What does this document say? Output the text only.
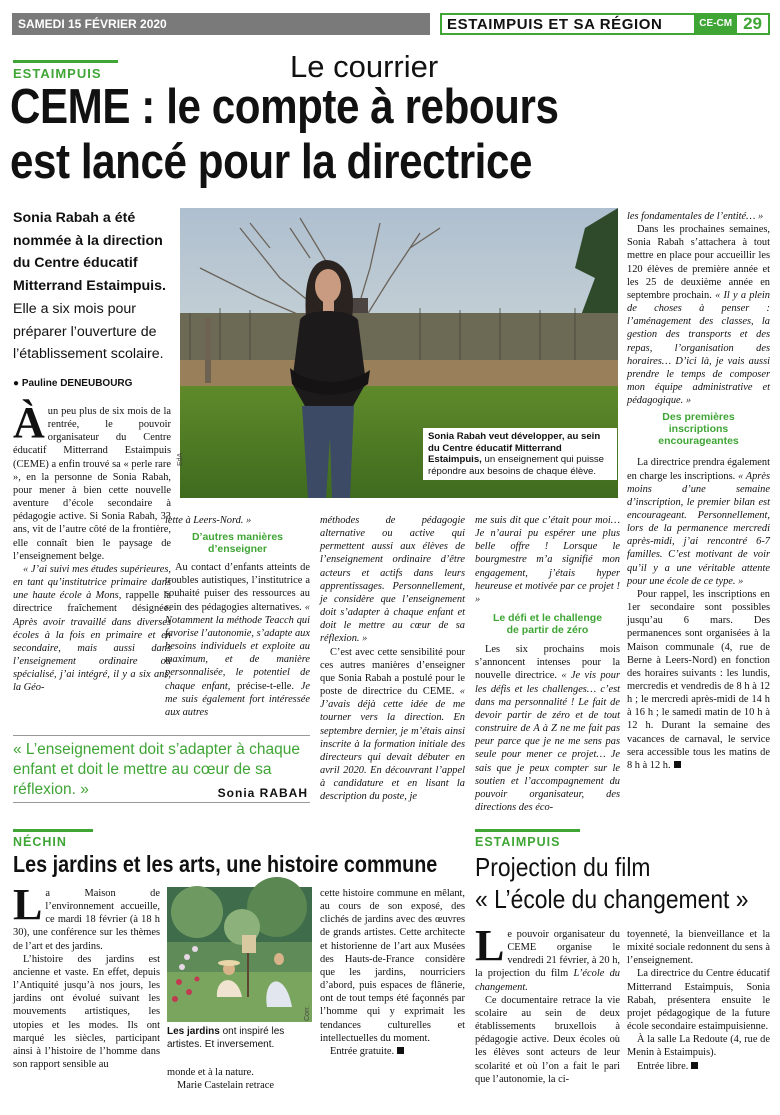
SAMEDI 15 FÉVRIER 2020	ESTAIMPUIS ET SA RÉGION	CE-CM 29
Le courrier
ESTAIMPUIS
CEME : le compte à rebours
est lancé pour la directrice
Sonia Rabah a été nommée à la direction du Centre éducatif Mitterrand Estaimpuis.
Elle a six mois pour préparer l’ouverture de l’établissement scolaire.
● Pauline DENEUBOURG
EdA
Sonia Rabah veut développer, au sein du Centre éducatif Mitterrand Estaimpuis, un enseignement qui puisse répondre aux besoins de chaque élève.
À un peu plus de six mois de la rentrée, le pouvoir organisateur du Centre éducatif Mitterrand Estaimpuis (CEME) a enfin trouvé sa « perle rare », en la personne de Sonia Rabah, pour mener à bien cette nouvelle aventure d’école secondaire à pédagogie active. Si Sonia Rabah, 33 ans, vit de l’autre côté de la frontière, elle connaît bien le paysage de l’enseignement belge.

« J’ai suivi mes études supérieures, en tant qu’institutrice primaire dans une haute école à Mons, rappelle la directrice fraîchement désignée. Après avoir travaillé dans diverses écoles à la fois en primaire et en secondaire, mais aussi dans l’enseignement ordinaire ou spécialisé, j’ai intégré, il y a six ans, la Géo-

lette à Leers-Nord. »

D’autres manières d’enseigner

Au contact d’enfants atteints de troubles autistiques, l’institutrice a souhaité puiser des ressources au sein des pédagogies alternatives. « Notamment la méthode Teacch qui favorise l’autonomie, s’adapte aux besoins individuels et exploite au maximum, et de manière personnalisée, le potentiel de chaque enfant, précise-t-elle. Je me suis également fort intéressée aux autres

méthodes de pédagogie alternative ou active qui permettent aussi aux élèves de l’enseignement ordinaire d’être acteurs et actifs dans leurs apprentissages. Personnellement, je considère que l’enseignement doit s’adapter à chaque enfant et doit le mettre au cœur de sa réflexion. »

C’est avec cette sensibilité pour ces autres manières d’enseigner que Sonia Rabah a postulé pour le poste de directrice du CEME. « J’avais déjà cette idée de me tourner vers la direction. En septembre dernier, je m’étais ainsi inscrite à la formation initiale des directeurs qui devait débuter en avril 2020. En découvrant l’appel à candidature et en lisant la description du poste, je

me suis dit que c’était pour moi… Je n’aurai pu espérer une plus belle offre ! Lorsque le bourgmestre m’a signifié mon engagement, j’étais hyper heureuse et motivée par ce projet ! »

Le défi et le challenge de partir de zéro

Les six prochains mois s’annoncent intenses pour la nouvelle directrice. « Je vis pour les défis et les challenges… c’est dans ma personnalité ! Le fait de devoir partir de zéro et de tout construire de A à Z ne me fait pas peur parce que je ne me sens pas seule pour mener ce projet… Je sais que je peux compter sur le soutien et l’accompagnement du pouvoir organisateur, des directions des éco-

les fondamentales de l’entité… »

Dans les prochaines semaines, Sonia Rabah s’attachera à tout mettre en place pour accueillir les 120 élèves de première année et les 25 de deuxième année en septembre prochain. « Il y a plein de choses à penser : l’aménagement des classes, la gestion des transports et des repas, l’organisation des horaires… D’ici là, je vais aussi prendre le temps de composer mon équipe administrative et pédagogique. »

Des premières inscriptions encourageantes

La directrice prendra également en charge les inscriptions. « Après moins d’une semaine d’inscription, le premier bilan est encourageant. Personnellement, lors de la permanence mercredi après-midi, j’ai rencontré 6-7 familles. C’est motivant de voir qu’il y a une véritable attente pour une école de ce type. »

Pour rappel, les inscriptions en 1er secondaire sont possibles jusqu’au 6 mars. Des permanences sont organisées à la Maison communale (4, rue de Berne à Leers-Nord) en fonction des horaires suivants : les lundis, mercredis et vendredis de 8 h à 12 h ; le mercredi après-midi de 14 h à 16 h ; le samedi matin de 10 h à 12 h. Durant la semaine des vacances de carnaval, le service sera accessible tous les matins de 8 h à 12 h.

« L’enseignement doit s’adapter à chaque enfant et doit le mettre au cœur de sa réflexion. »	Sonia RABAH
NÉCHIN
Les jardins et les arts, une histoire commune
L a Maison de l’environnement accueille, ce mardi 18 février (à 18 h 30), une conférence sur les thèmes de l’art et des jardins.

L’histoire des jardins est ancienne et vaste. En effet, depuis l’Antiquité jusqu’à nos jours, les jardins ont évolué suivant les mouvements artistiques, les utopies et les modes. Ils ont marqué les siècles, participant ainsi à l’histoire de l’homme dans son rapport sensible au

Corr.
Les jardins ont inspiré les artistes. Et inversement.

monde et à la nature.

Marie Castelain retrace

cette histoire commune en mêlant, au cours de son exposé, des clichés de jardins avec des œuvres de grands artistes. Cette architecte et historienne de l’art aux Musées des Hauts-de-France considère que les jardins, nourriciers d’abord, puis espaces de flânerie, ont de tout temps été façonnés par l’homme qui y exprimait les tendances culturelles et intellectuelles du moment.

Entrée gratuite.

ESTAIMPUIS
Projection du film
« L’école du changement »
L e pouvoir organisateur du CEME organise le vendredi 21 février, à 20 h, la projection du film L’école du changement.

Ce documentaire retrace la vie scolaire au sein de deux établissements bruxellois à pédagogie active. Deux écoles où les élèves sont acteurs de leur scolarité et où l’on a fait le pari que l’autonomie, la ci-

toyenneté, la bienveillance et la mixité sociale redonnent du sens à l’enseignement.

La directrice du Centre éducatif Mitterrand Estaimpuis, Sonia Rabah, présentera ensuite le projet pédagogique de la future école secondaire estaimpuisienne.

À la salle La Redoute (4, rue de Menin à Estaimpuis).

Entrée libre.
